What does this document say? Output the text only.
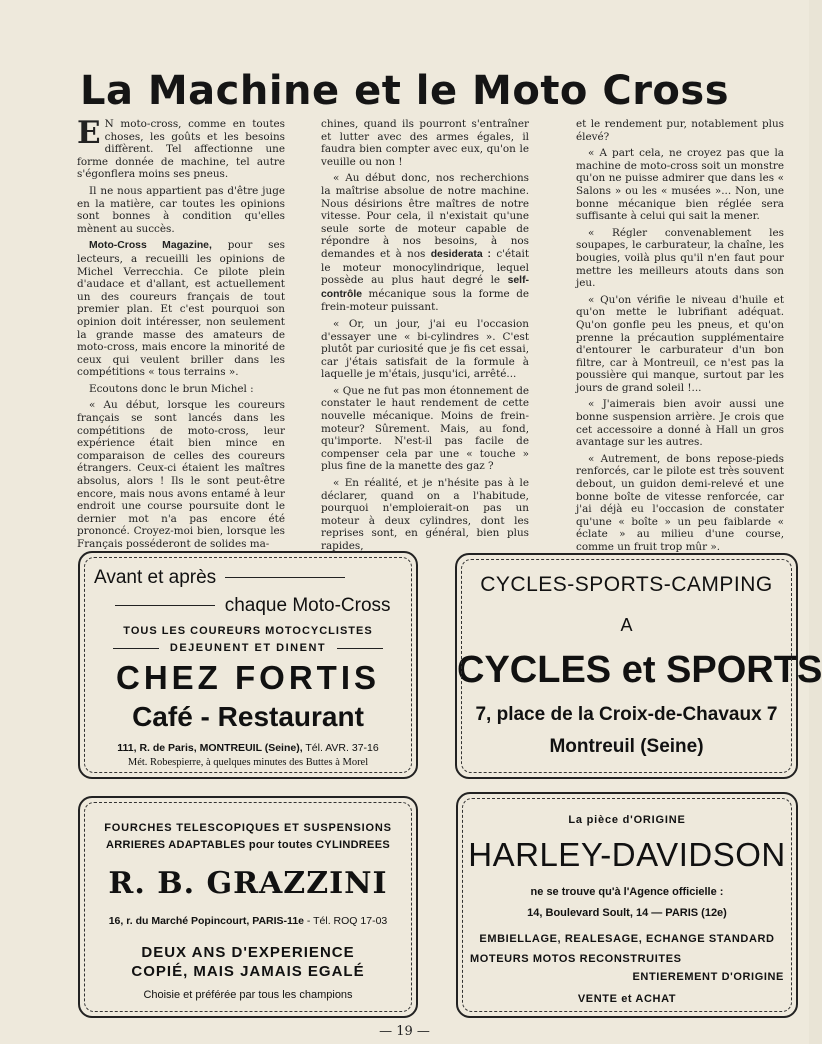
La Machine et le Moto Cross

E N moto-cross, comme en toutes choses, les goûts et les besoins diffèrent. Tel affectionne une forme donnée de machine, tel autre s'égonflera moins ses pneus.

Il ne nous appartient pas d'être juge en la matière, car toutes les opinions sont bonnes à condition qu'elles mènent au succès.

Moto-Cross Magazine, pour ses lecteurs, a recueilli les opinions de Michel Verrecchia. Ce pilote plein d'audace et d'allant, est actuellement un des coureurs français de tout premier plan. Et c'est pourquoi son opinion doit intéresser, non seulement la grande masse des amateurs de moto-cross, mais encore la minorité de ceux qui veulent briller dans les compétitions « tous terrains ».

Ecoutons donc le brun Michel :

« Au début, lorsque les coureurs français se sont lancés dans les compétitions de moto-cross, leur expérience était bien mince en comparaison de celles des coureurs étrangers. Ceux-ci étaient les maîtres absolus, alors ! Ils le sont peut-être encore, mais nous avons entamé à leur endroit une course poursuite dont le dernier mot n'a pas encore été prononcé. Croyez-moi bien, lorsque les Français posséderont de solides ma-

chines, quand ils pourront s'entraîner et lutter avec des armes égales, il faudra bien compter avec eux, qu'on le veuille ou non !

« Au début donc, nos recherchions la maîtrise absolue de notre machine. Nous désirions être maîtres de notre vitesse. Pour cela, il n'existait qu'une seule sorte de moteur capable de répondre à nos besoins, à nos demandes et à nos desiderata : c'était le moteur monocylindrique, lequel possède au plus haut degré le self-contrôle mécanique sous la forme de frein-moteur puissant.

« Or, un jour, j'ai eu l'occasion d'essayer une « bi-cylindres ». C'est plutôt par curiosité que je fis cet essai, car j'étais satisfait de la formule à laquelle je m'étais, jusqu'ici, arrêté...

« Que ne fut pas mon étonnement de constater le haut rendement de cette nouvelle mécanique. Moins de frein-moteur? Sûrement. Mais, au fond, qu'importe. N'est-il pas facile de compenser cela par une « touche » plus fine de la manette des gaz ?

« En réalité, et je n'hésite pas à le déclarer, quand on a l'habitude, pourquoi n'emploierait-on pas un moteur à deux cylindres, dont les reprises sont, en général, bien plus rapides,

et le rendement pur, notablement plus élevé?

« A part cela, ne croyez pas que la machine de moto-cross soit un monstre qu'on ne puisse admirer que dans les « Salons » ou les « musées »... Non, une bonne mécanique bien réglée sera suffisante à celui qui sait la mener.

« Régler convenablement les soupapes, le carburateur, la chaîne, les bougies, voilà plus qu'il n'en faut pour mettre les meilleurs atouts dans son jeu.

« Qu'on vérifie le niveau d'huile et qu'on mette le lubrifiant adéquat. Qu'on gonfle peu les pneus, et qu'on prenne la précaution supplémentaire d'entourer le carburateur d'un bon filtre, car à Montreuil, ce n'est pas la poussière qui manque, surtout par les jours de grand soleil !...

« J'aimerais bien avoir aussi une bonne suspension arrière. Je crois que cet accessoire a donné à Hall un gros avantage sur les autres.

« Autrement, de bons repose-pieds renforcés, car le pilote est très souvent debout, un guidon demi-relevé et une bonne boîte de vitesse renforcée, car j'ai déjà eu l'occasion de constater qu'une « boîte » un peu faiblarde « éclate » au milieu d'une course, comme un fruit trop mûr ».

Avant et après
chaque Moto-Cross
TOUS LES COUREURS MOTOCYCLISTES
DEJEUNENT ET DINENT
CHEZ FORTIS
Café - Restaurant
111, R. de Paris, MONTREUIL (Seine), Tél. AVR. 37-16
Mét. Robespierre, à quelques minutes des Buttes à Morel
CYCLES-SPORTS-CAMPING
A
CYCLES et SPORTS
7, place de la Croix-de-Chavaux 7
Montreuil (Seine)
FOURCHES TELESCOPIQUES ET SUSPENSIONS
ARRIERES ADAPTABLES pour toutes CYLINDREES
R. B. GRAZZINI
16, r. du Marché Popincourt, PARIS-11e - Tél. ROQ 17-03
DEUX ANS D'EXPERIENCE
COPIÉ, MAIS JAMAIS EGALÉ
Choisie et préférée par tous les champions
La pièce d'ORIGINE
HARLEY-DAVIDSON
ne se trouve qu'à l'Agence officielle :
14, Boulevard Soult, 14 — PARIS (12e)
EMBIELLAGE, REALESAGE, ECHANGE STANDARD
MOTEURS MOTOS RECONSTRUITES
ENTIEREMENT D'ORIGINE
VENTE et ACHAT
— 19 —
